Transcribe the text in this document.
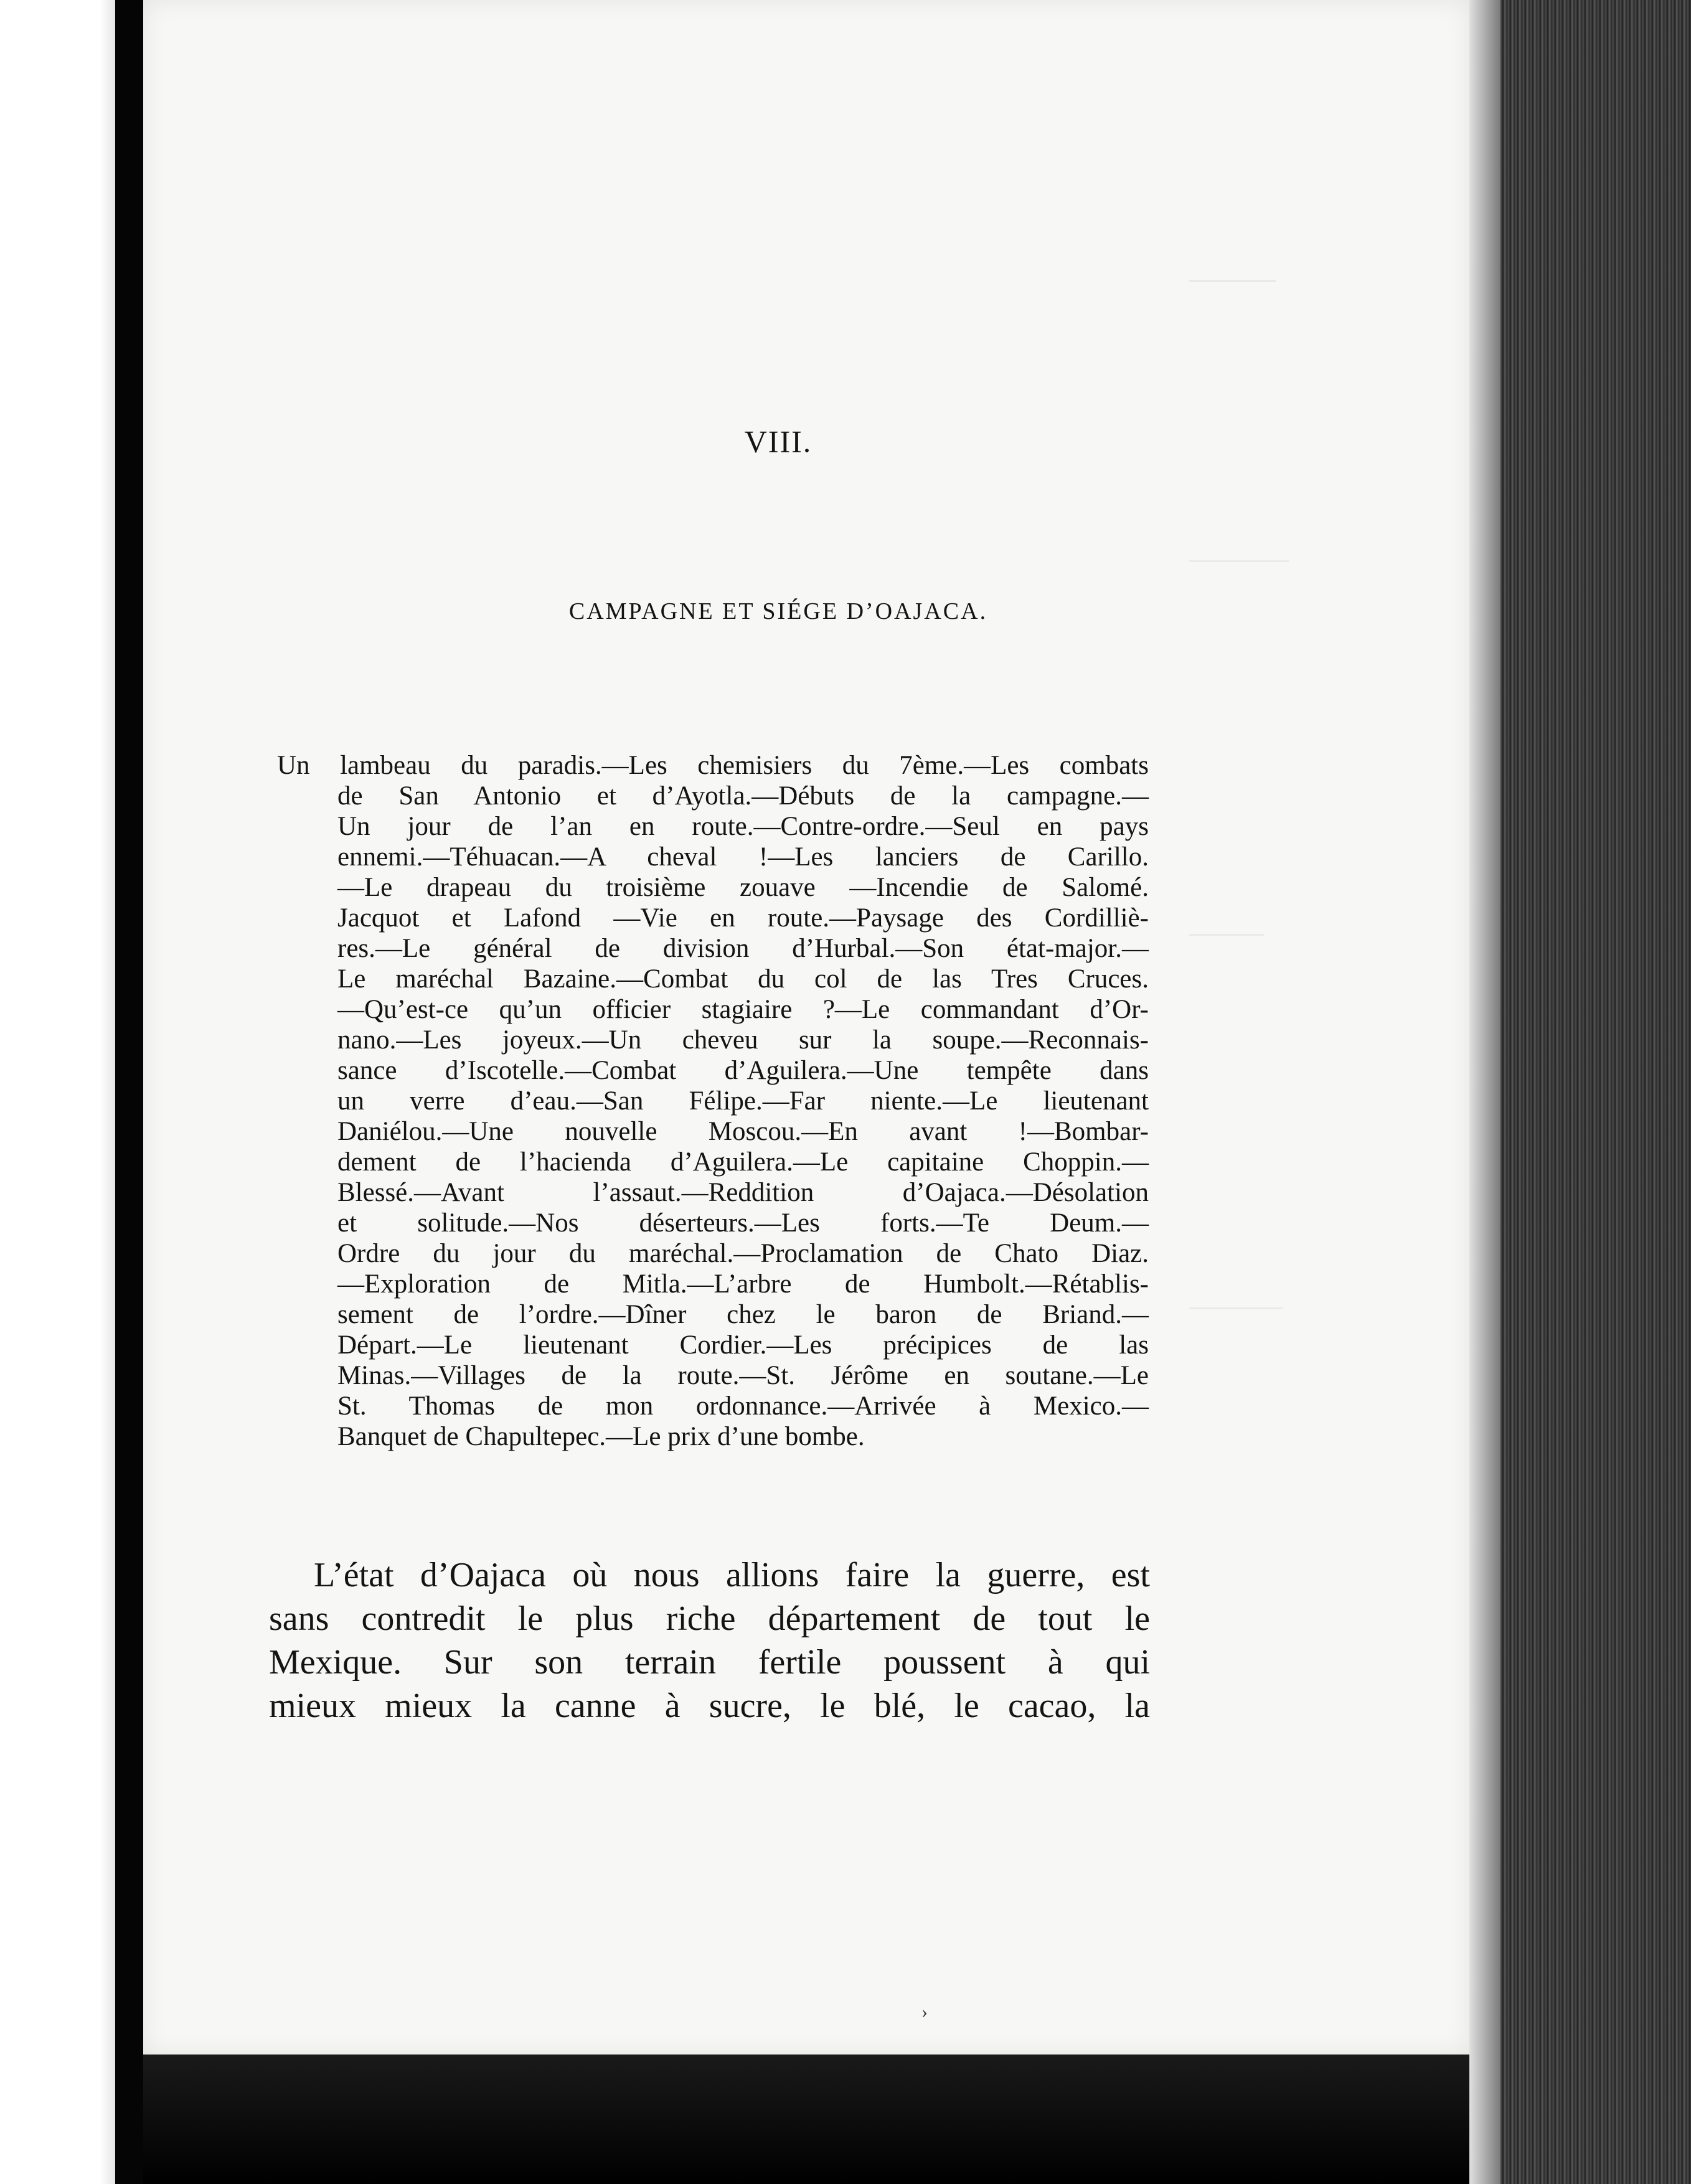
VIII.
CAMPAGNE ET SIÉGE D’OAJACA.
Un lambeau du paradis.—Les chemisiers du 7ème.—Les combats
de San Antonio et d’Ayotla.—Débuts de la campagne.—
Un jour de l’an en route.—Contre-ordre.—Seul en pays
ennemi.—Téhuacan.—A cheval !—Les lanciers de Carillo.
—Le drapeau du troisième zouave —Incendie de Salomé.
Jacquot et Lafond —Vie en route.—Paysage des Cordilliè-
res.—Le général de division d’Hurbal.—Son état-major.—
Le maréchal Bazaine.—Combat du col de las Tres Cruces.
—Qu’est-ce qu’un officier stagiaire ?—Le commandant d’Or-
nano.—Les joyeux.—Un cheveu sur la soupe.—Reconnais-
sance d’Iscotelle.—Combat d’Aguilera.—Une tempête dans
un verre d’eau.—San Félipe.—Far niente.—Le lieutenant
Daniélou.—Une nouvelle Moscou.—En avant !—Bombar-
dement de l’hacienda d’Aguilera.—Le capitaine Choppin.—
Blessé.—Avant l’assaut.—Reddition d’Oajaca.—Désolation
et solitude.—Nos déserteurs.—Les forts.—Te Deum.—
Ordre du jour du maréchal.—Proclamation de Chato Diaz.
—Exploration de Mitla.—L’arbre de Humbolt.—Rétablis-
sement de l’ordre.—Dîner chez le baron de Briand.—
Départ.—Le lieutenant Cordier.—Les précipices de las
Minas.—Villages de la route.—St. Jérôme en soutane.—Le
St. Thomas de mon ordonnance.—Arrivée à Mexico.—
Banquet de Chapultepec.—Le prix d’une bombe.
L’état d’Oajaca où nous allions faire la guerre, est
sans contredit le plus riche département de tout le
Mexique. Sur son terrain fertile poussent à qui
mieux mieux la canne à sucre, le blé, le cacao, la
›
